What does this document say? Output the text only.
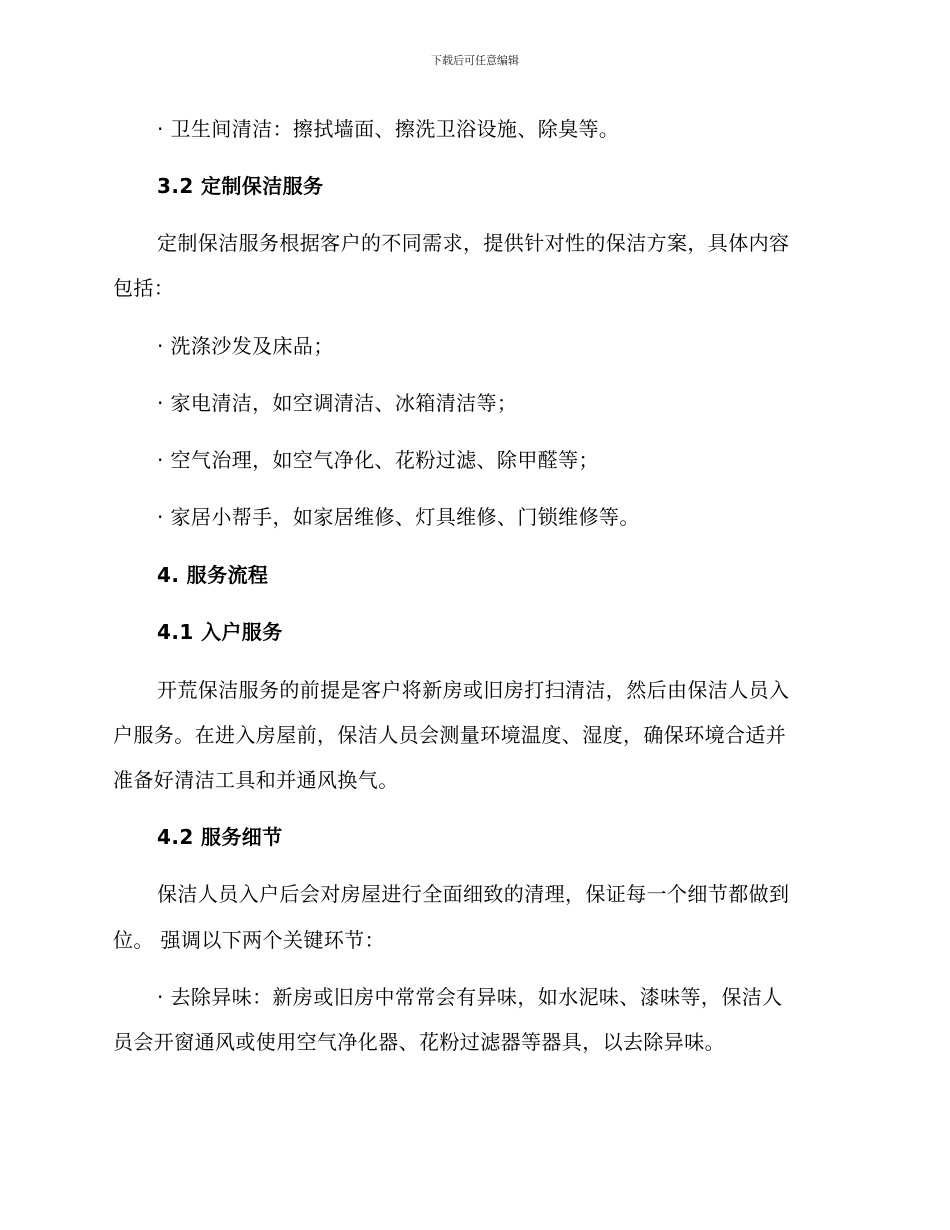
下载后可任意编辑
· 卫生间清洁：擦拭墙面、擦洗卫浴设施、除臭等。
3.2 定制保洁服务
定制保洁服务根据客户的不同需求，提供针对性的保洁方案，具体内容
包括：
· 洗涤沙发及床品；
· 家电清洁，如空调清洁、冰箱清洁等；
· 空气治理，如空气净化、花粉过滤、除甲醛等；
· 家居小帮手，如家居维修、灯具维修、门锁维修等。
4. 服务流程
4.1 入户服务
开荒保洁服务的前提是客户将新房或旧房打扫清洁，然后由保洁人员入
户服务。在进入房屋前，保洁人员会测量环境温度、湿度，确保环境合适并
准备好清洁工具和并通风换气。
4.2 服务细节
保洁人员入户后会对房屋进行全面细致的清理，保证每一个细节都做到
位。 强调以下两个关键环节：
· 去除异味：新房或旧房中常常会有异味，如水泥味、漆味等，保洁人
员会开窗通风或使用空气净化器、花粉过滤器等器具，以去除异味。
